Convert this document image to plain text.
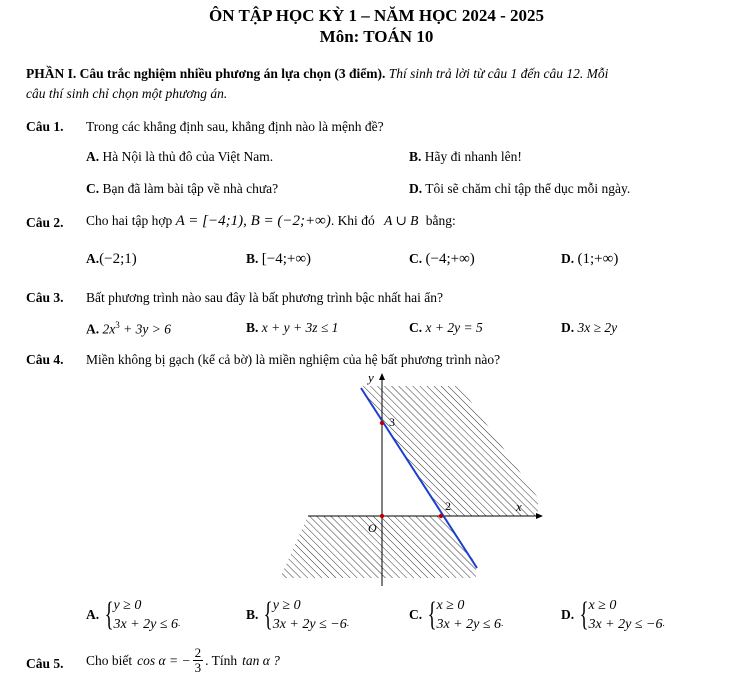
ÔN TẬP HỌC KỲ 1 – NĂM HỌC 2024 - 2025
Môn: TOÁN 10
PHẦN I. Câu trắc nghiệm nhiều phương án lựa chọn (3 điểm). Thí sinh trả lời từ câu 1 đến câu 12. Mỗi
câu thí sinh chỉ chọn một phương án.
Câu 1. Trong các khẳng định sau, khẳng định nào là mệnh đề?
A. Hà Nội là thủ đô của Việt Nam.	B. Hãy đi nhanh lên!
C. Bạn đã làm bài tập về nhà chưa?	D. Tôi sẽ chăm chỉ tập thể dục mỗi ngày.
Câu 2. Cho hai tập hợp A = [−4;1), B = (−2;+∞). Khi đó A ∪ B bằng:
A.(−2;1)	B. [−4;+∞)	C. (−4;+∞)	D. (1;+∞)
Câu 3. Bất phương trình nào sau đây là bất phương trình bậc nhất hai ẩn?
A. $2x^3 + 3y > 6$	B. x + y + 3z ≤ 1	C. x + 2y = 5	D. 3x ≥ 2y
Câu 4. Miền không bị gạch (kể cả bờ) là miền nghiệm của hệ bất phương trình nào?
y
x
O
3
2
A. { y ≥ 0
3x + 2y ≤ 6 .
B. { y ≥ 0
3x + 2y ≤ −6 .
C. { x ≥ 0
3x + 2y ≤ 6 .
D. { x ≥ 0
3x + 2y ≤ −6 .
Câu 5. Cho biết cos α = − $\frac{2}{3}$ . Tính tan α ?
